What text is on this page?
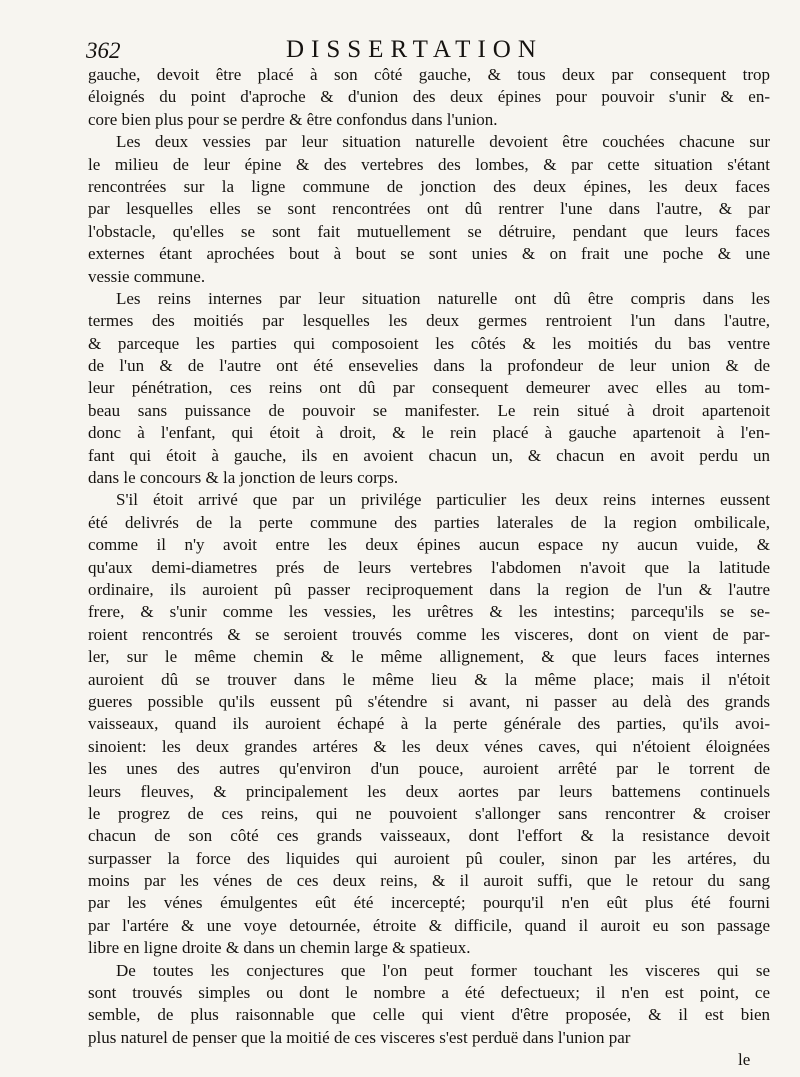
362	DISSERTATION
gauche, devoit être placé à son côté gauche, & tous deux par consequent trop
éloignés du point d'aproche & d'union des deux épines pour pouvoir s'unir & en-
core bien plus pour se perdre & être confondus dans l'union.
Les deux vessies par leur situation naturelle devoient être couchées chacune sur
le milieu de leur épine & des vertebres des lombes, & par cette situation s'étant
rencontrées sur la ligne commune de jonction des deux épines, les deux faces
par lesquelles elles se sont rencontrées ont dû rentrer l'une dans l'autre, & par
l'obstacle, qu'elles se sont fait mutuellement se détruire, pendant que leurs faces
externes étant aprochées bout à bout se sont unies & on frait une poche & une
vessie commune.
Les reins internes par leur situation naturelle ont dû être compris dans les
termes des moitiés par lesquelles les deux germes rentroient l'un dans l'autre,
& parceque les parties qui composoient les côtés & les moitiés du bas ventre
de l'un & de l'autre ont été ensevelies dans la profondeur de leur union & de
leur pénétration, ces reins ont dû par consequent demeurer avec elles au tom-
beau sans puissance de pouvoir se manifester. Le rein situé à droit apartenoit
donc à l'enfant, qui étoit à droit, & le rein placé à gauche apartenoit à l'en-
fant qui étoit à gauche, ils en avoient chacun un, & chacun en avoit perdu un
dans le concours & la jonction de leurs corps.
S'il étoit arrivé que par un privilége particulier les deux reins internes eussent
été delivrés de la perte commune des parties laterales de la region ombilicale,
comme il n'y avoit entre les deux épines aucun espace ny aucun vuide, &
qu'aux demi-diametres prés de leurs vertebres l'abdomen n'avoit que la latitude
ordinaire, ils auroient pû passer reciproquement dans la region de l'un & l'autre
frere, & s'unir comme les vessies, les urêtres & les intestins; parcequ'ils se se-
roient rencontrés & se seroient trouvés comme les visceres, dont on vient de par-
ler, sur le même chemin & le même allignement, & que leurs faces internes
auroient dû se trouver dans le même lieu & la même place; mais il n'étoit
gueres possible qu'ils eussent pû s'étendre si avant, ni passer au delà des grands
vaisseaux, quand ils auroient échapé à la perte générale des parties, qu'ils avoi-
sinoient: les deux grandes artéres & les deux vénes caves, qui n'étoient éloignées
les unes des autres qu'environ d'un pouce, auroient arrêté par le torrent de
leurs fleuves, & principalement les deux aortes par leurs battemens continuels
le progrez de ces reins, qui ne pouvoient s'allonger sans rencontrer & croiser
chacun de son côté ces grands vaisseaux, dont l'effort & la resistance devoit
surpasser la force des liquides qui auroient pû couler, sinon par les artéres, du
moins par les vénes de ces deux reins, & il auroit suffi, que le retour du sang
par les vénes émulgentes eût été incercepté; pourqu'il n'en eût plus été fourni
par l'artére & une voye detournée, étroite & difficile, quand il auroit eu son passage
libre en ligne droite & dans un chemin large & spatieux.
De toutes les conjectures que l'on peut former touchant les visceres qui se
sont trouvés simples ou dont le nombre a été defectueux; il n'en est point, ce
semble, de plus raisonnable que celle qui vient d'être proposée, & il est bien
plus naturel de penser que la moitié de ces visceres s'est perduë dans l'union par
le
